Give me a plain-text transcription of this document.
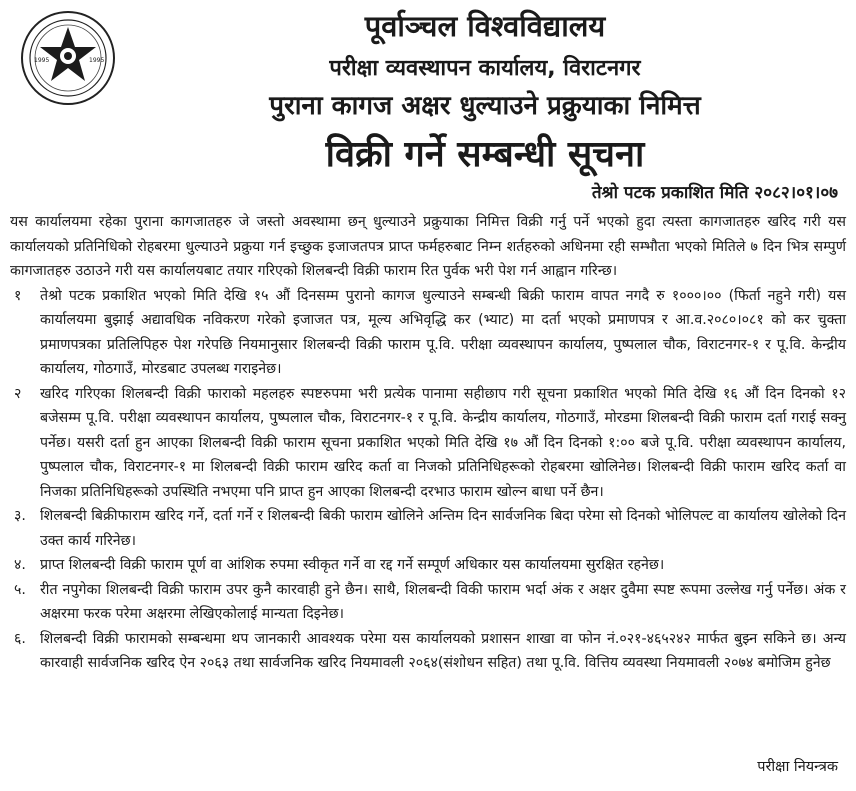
1995	1995
पूर्वाञ्चल विश्वविद्यालय
परीक्षा व्यवस्थापन कार्यालय, विराटनगर
पुराना कागज अक्षर धुल्याउने प्रक्रुयाका निमित्त
विक्री गर्ने सम्बन्धी सूचना
तेश्रो पटक प्रकाशित मिति २०८२।०१।०७

यस कार्यालयमा रहेका पुराना कागजातहरु जे जस्तो अवस्थामा छन् धुल्याउने प्रक्रुयाका निमित्त विक्री गर्नु पर्ने भएको हुदा त्यस्ता कागजातहरु खरिद गरी यस कार्यालयको प्रतिनिधिको रोहबरमा धुल्याउने प्रक्रुया गर्न इच्छुक इजाजतपत्र प्राप्त फर्महरुबाट निम्न शर्तहरुको अधिनमा रही सम्भौता भएको मितिले ७ दिन भित्र सम्पुर्ण कागजातहरु उठाउने गरी यस कार्यालयबाट तयार गरिएको शिलबन्दी विक्री फाराम रित पुर्वक भरी पेश गर्न आह्वान गरिन्छ।

१	तेश्रो पटक प्रकाशित भएको मिति देखि १५ औं दिनसम्म पुरानो कागज धुल्याउने सम्बन्धी बिक्री फाराम वापत नगदै रु १०००।०० (फिर्ता नहुने गरी) यस कार्यालयमा बुझाई अद्यावधिक नविकरण गरेको इजाजत पत्र, मूल्य अभिवृद्धि कर (भ्याट) मा दर्ता भएको प्रमाणपत्र र आ.व.२०८०।०८१ को कर चुक्ता प्रमाणपत्रका प्रतिलिपिहरु पेश गरेपछि नियमानुसार शिलबन्दी विक्री फाराम पू.वि. परीक्षा व्यवस्थापन कार्यालय, पुष्पलाल चौक, विराटनगर-१ र पू.वि. केन्द्रीय कार्यालय, गोठगाउँ, मोरडबाट उपलब्ध गराइनेछ।
२	खरिद गरिएका शिलबन्दी विक्री फाराको महलहरु स्पष्टरुपमा भरी प्रत्येक पानामा सहीछाप गरी सूचना प्रकाशित भएको मिति देखि १६ औं दिन दिनको १२ बजेसम्म पू.वि. परीक्षा व्यवस्थापन कार्यालय, पुष्पलाल चौक, विराटनगर-१ र पू.वि. केन्द्रीय कार्यालय, गोठगाउँ, मोरडमा शिलबन्दी विक्री फाराम दर्ता गराई सक्नु पर्नेछ। यसरी दर्ता हुन आएका शिलबन्दी विक्री फाराम सूचना प्रकाशित भएको मिति देखि १७ औं दिन दिनको १:०० बजे पू.वि. परीक्षा व्यवस्थापन कार्यालय, पुष्पलाल चौक, विराटनगर-१ मा शिलबन्दी विक्री फाराम खरिद कर्ता वा निजको प्रतिनिधिहरूको रोहबरमा खोलिनेछ। शिलबन्दी विक्री फाराम खरिद कर्ता वा निजका प्रतिनिधिहरूको उपस्थिति नभएमा पनि प्राप्त हुन आएका शिलबन्दी दरभाउ फाराम खोल्न बाधा पर्ने छैन।
३. शिलबन्दी बिक्रीफाराम खरिद गर्ने, दर्ता गर्ने र शिलबन्दी बिकी फाराम खोलिने अन्तिम दिन सार्वजनिक बिदा परेमा सो दिनको भोलिपल्ट वा कार्यालय खोलेको दिन उक्त कार्य गरिनेछ।
४. प्राप्त शिलबन्दी विक्री फाराम पूर्ण वा आंशिक रुपमा स्वीकृत गर्ने वा रद्द गर्ने सम्पूर्ण अधिकार यस कार्यालयमा सुरक्षित रहनेछ।
५. रीत नपुगेका शिलबन्दी विक्री फाराम उपर कुनै कारवाही हुने छैन। साथै, शिलबन्दी विकी फाराम भर्दा अंक र अक्षर दुवैमा स्पष्ट रूपमा उल्लेख गर्नु पर्नेछ। अंक र अक्षरमा फरक परेमा अक्षरमा लेखिएकोलाई मान्यता दिइनेछ।
६. शिलबन्दी विक्री फारामको सम्बन्धमा थप जानकारी आवश्यक परेमा यस कार्यालयको प्रशासन शाखा वा फोन नं.०२१-४६५२४२ मार्फत बुझ्न सकिने छ। अन्य कारवाही सार्वजनिक खरिद ऐन २०६३ तथा सार्वजनिक खरिद नियमावली २०६४(संशोधन सहित) तथा पू.वि. वित्तिय व्यवस्था नियमावली २०७४ बमोजिम हुनेछ
परीक्षा नियन्त्रक
